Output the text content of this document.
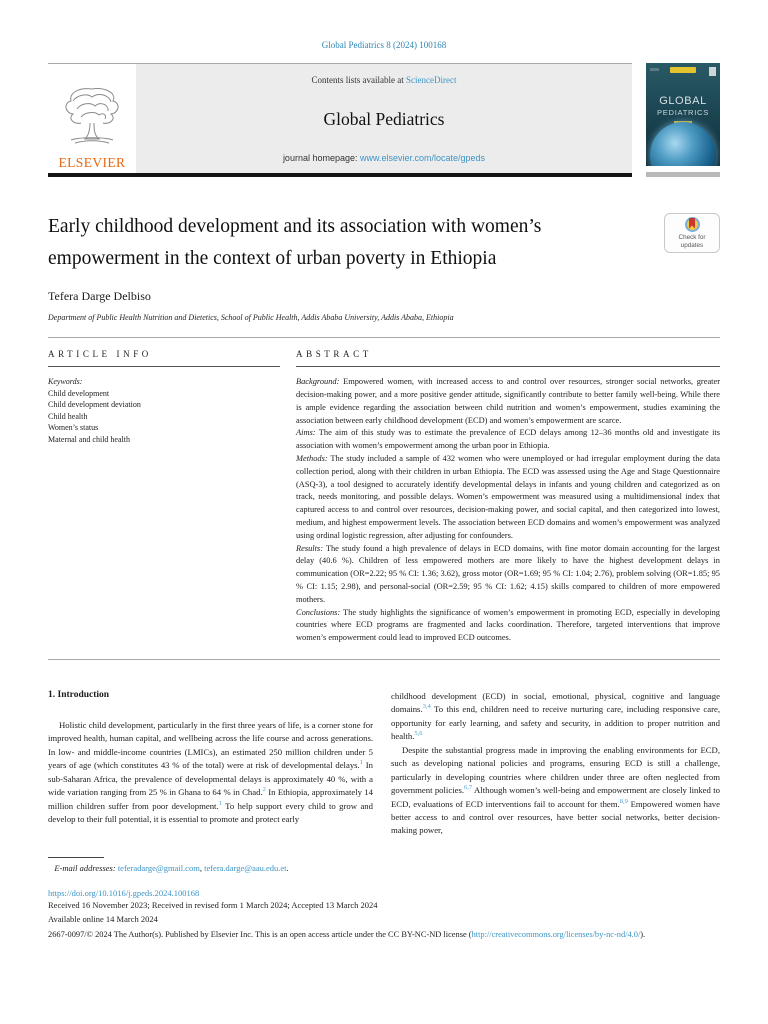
Global Pediatrics 8 (2024) 100168
ELSEVIER
Contents lists available at ScienceDirect
Global Pediatrics
journal homepage: www.elsevier.com/locate/gpeds
GLOBAL
PEDIATRICS
Early childhood development and its association with women’s empowerment in the context of urban poverty in Ethiopia
Check for
updates
Tefera Darge Delbiso
Department of Public Health Nutrition and Dietetics, School of Public Health, Addis Ababa University, Addis Ababa, Ethiopia
ARTICLE INFO
Keywords:
Child development
Child development deviation
Child health
Women’s status
Maternal and child health
ABSTRACT

Background: Empowered women, with increased access to and control over resources, stronger social networks, greater decision-making power, and a more positive gender attitude, significantly contribute to better family well-being. While there is ample evidence regarding the association between child nutrition and women’s empowerment, studies examining the association between early childhood development (ECD) and women’s empowerment are scarce.

Aims: The aim of this study was to estimate the prevalence of ECD delays among 12–36 months old and investigate its association with women’s empowerment among the urban poor in Ethiopia.

Methods: The study included a sample of 432 women who were unemployed or had irregular employment during the data collection period, along with their children in urban Ethiopia. The ECD was assessed using the Age and Stage Questionnaire (ASQ-3), a tool designed to accurately identify developmental delays in infants and young children and categorized as on track, needs monitoring, and possible delays. Women’s empowerment was measured using a multidimensional index that captured access to and control over resources, decision-making power, and social capital, and then categorized into lowest, medium, and highest empowerment levels. The association between ECD domains and women’s empowerment was analyzed using ordinal logistic regression, after adjusting for confounders.

Results: The study found a high prevalence of delays in ECD domains, with fine motor domain accounting for the largest delay (40.6 %). Children of less empowered mothers are more likely to have the highest development delays in communication (OR=2.22; 95 % CI: 1.36; 3.62), gross motor (OR=1.69; 95 % CI: 1.04; 2.76), problem solving (OR=1.85; 95 % CI: 1.15; 2.98), and personal-social (OR=2.59; 95 % CI: 1.62; 4.15) skills compared to children of more empowered mothers.

Conclusions: The study highlights the significance of women’s empowerment in promoting ECD, especially in developing countries where ECD programs are fragmented and lacks coordination. Therefore, targeted interventions that improve women’s empowerment could lead to improved ECD outcomes.

1. Introduction

Holistic child development, particularly in the first three years of life, is a corner stone for improved health, human capital, and wellbeing across the life course and across generations. In low- and middle-income countries (LMICs), an estimated 250 million children under 5 years of age (which constitutes 43 % of the total) were at risk of developmental delays.$^1$ In sub-Saharan Africa, the prevalence of developmental delays is approximately 40 %, with a wide variation ranging from 25 % in Ghana to 64 % in Chad.$^2$ In Ethiopia, approximately 14 million children suffer from poor development.$^1$ To help support every child to grow and develop to their full potential, it is essential to promote and protect early

childhood development (ECD) in social, emotional, physical, cognitive and language domains.$^{3,4}$ To this end, children need to receive nurturing care, including responsive care, opportunity for early learning, and safety and security, in addition to proper nutrition and health.$^{5,6}$

Despite the substantial progress made in improving the enabling environments for ECD, such as developing national policies and programs, ensuring ECD is still a challenge, particularly in developing countries where children under three are often neglected from government policies.$^{6,7}$ Although women’s well-being and empowerment are closely linked to ECD, evaluations of ECD interventions fail to account for them.$^{8,9}$ Empowered women have better access to and control over resources, have better social networks, better decision-making power,

E-mail addresses: teferadarge@gmail.com, tefera.darge@aau.edu.et.
https://doi.org/10.1016/j.gpeds.2024.100168
Received 16 November 2023; Received in revised form 1 March 2024; Accepted 13 March 2024
Available online 14 March 2024
2667-0097/© 2024 The Author(s). Published by Elsevier Inc. This is an open access article under the CC BY-NC-ND license (http://creativecommons.org/licenses/by-nc-nd/4.0/).
